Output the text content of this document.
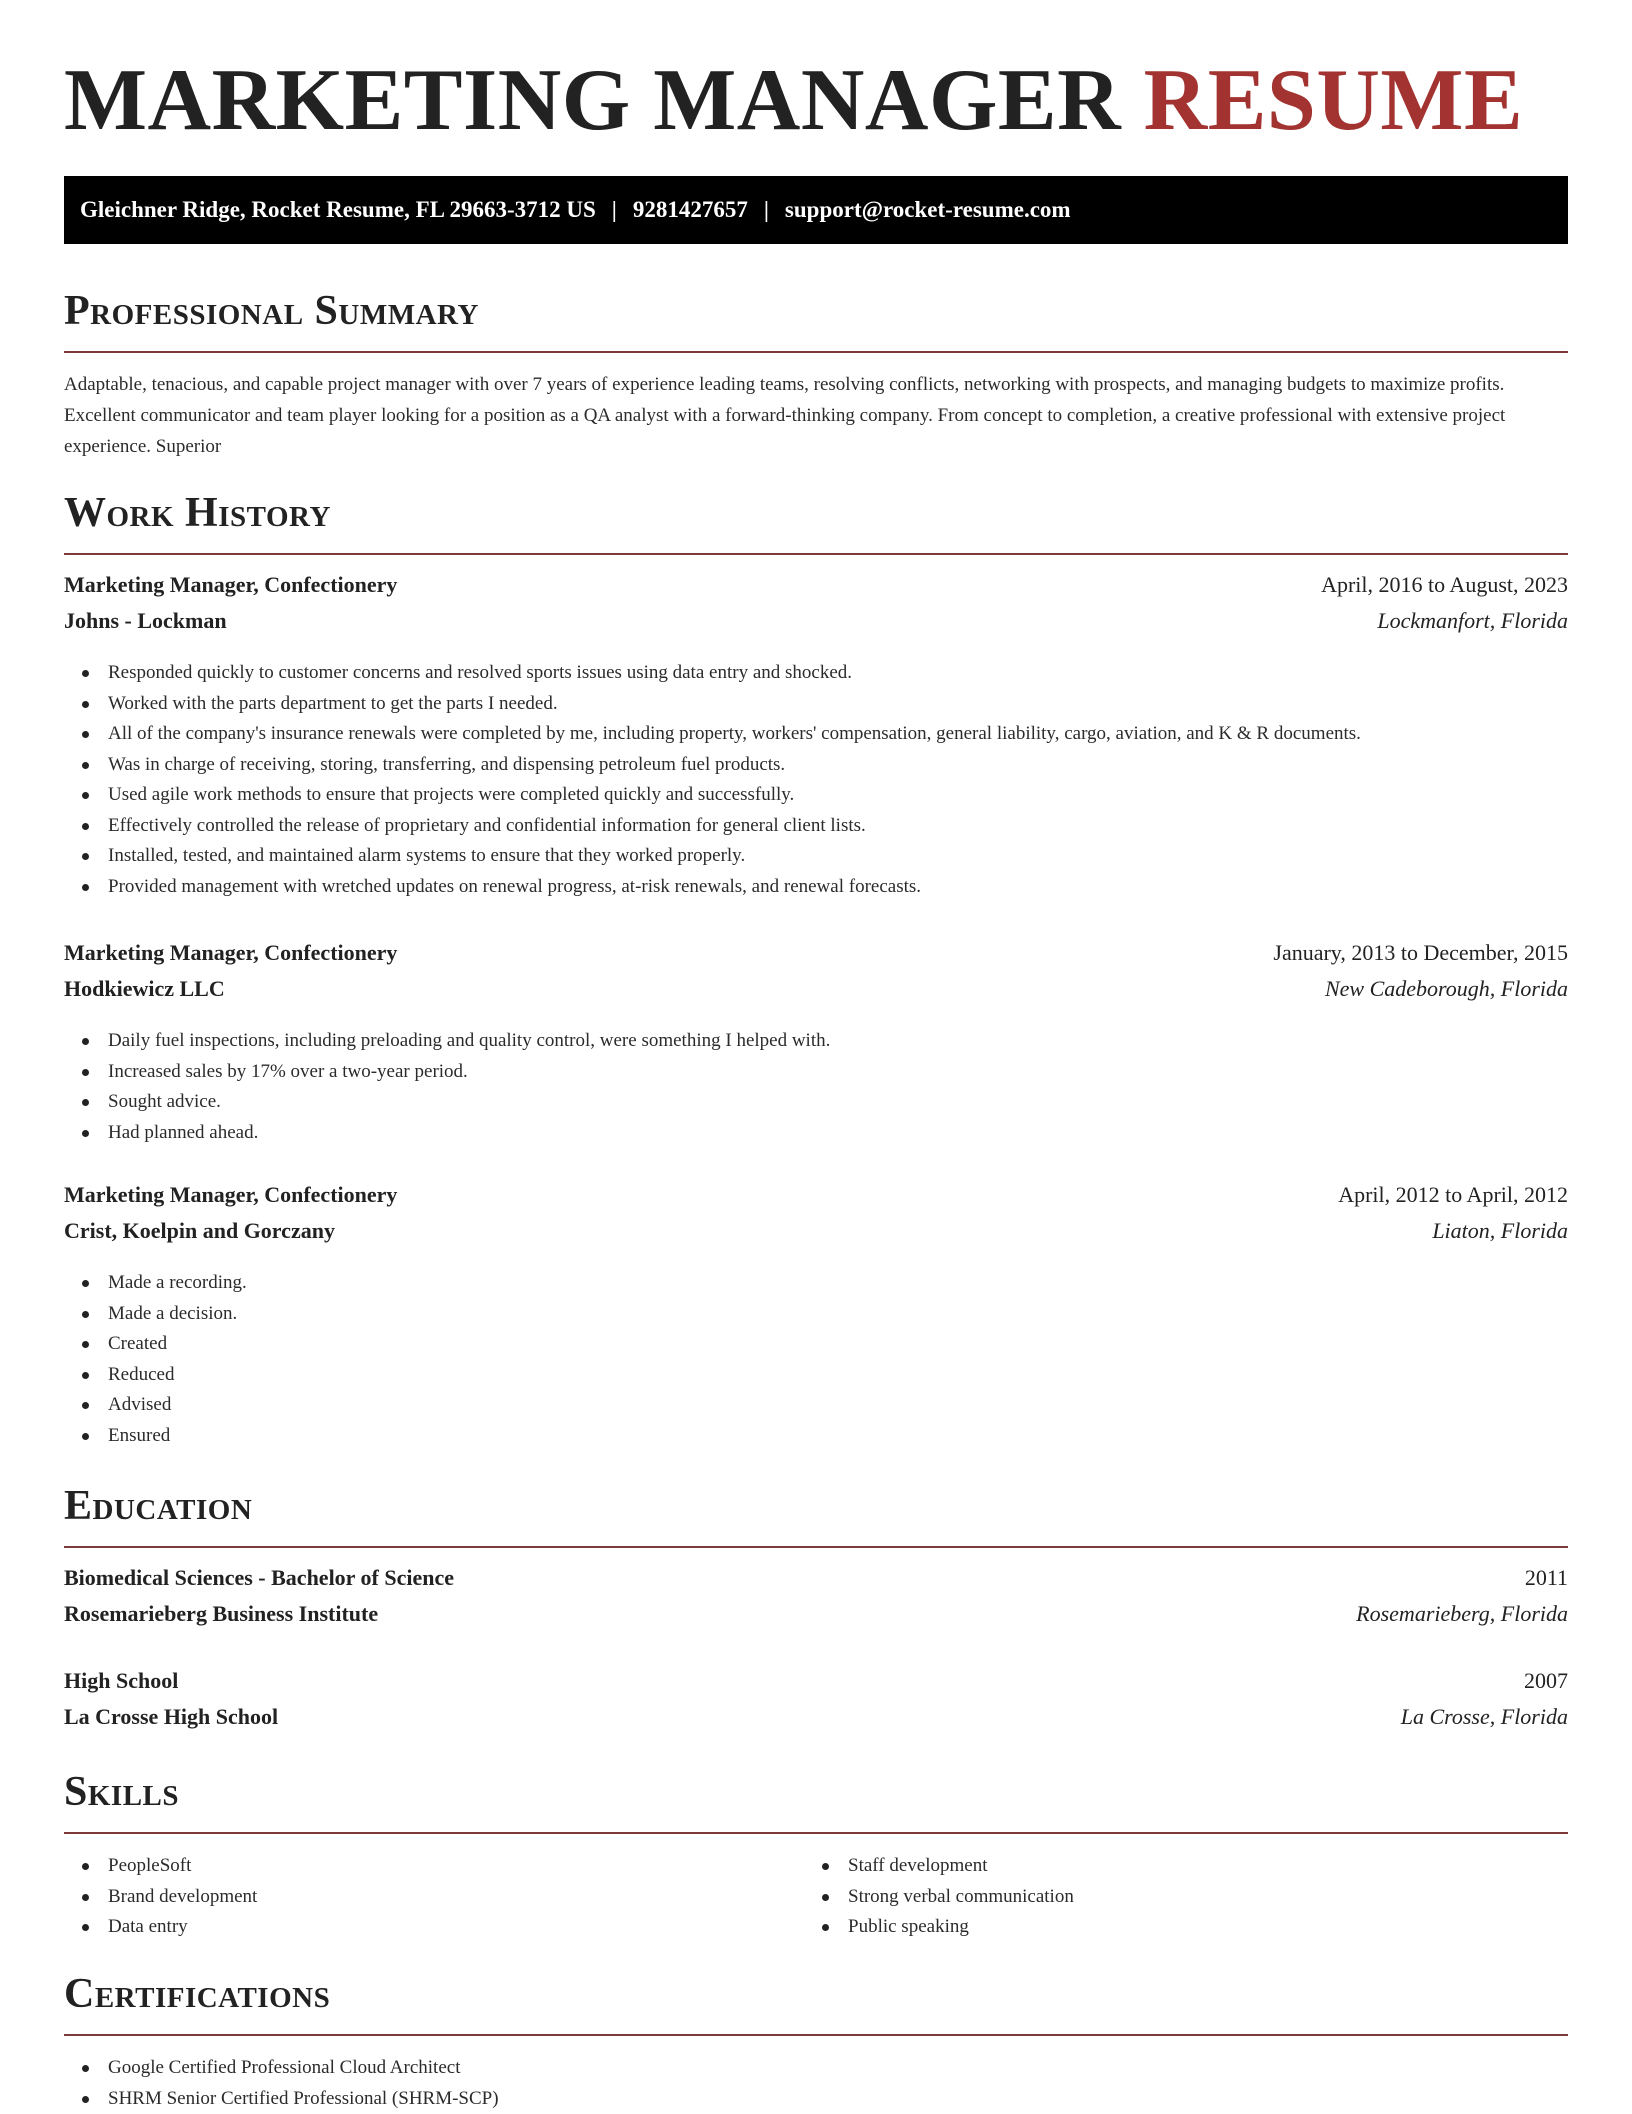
MARKETING MANAGER RESUME
Gleichner Ridge, Rocket Resume, FL 29663-3712 US | 9281427657 | support@rocket-resume.com
Professional Summary

Adaptable, tenacious, and capable project manager with over 7 years of experience leading teams, resolving conflicts, networking with prospects, and managing budgets to maximize profits. Excellent communicator and team player looking for a position as a QA analyst with a forward-thinking company. From concept to completion, a creative professional with extensive project experience. Superior

Work History
Marketing Manager, Confectionery	April, 2016 to August, 2023
Johns - Lockman	Lockmanfort, Florida
Responded quickly to customer concerns and resolved sports issues using data entry and shocked.
Worked with the parts department to get the parts I needed.
All of the company's insurance renewals were completed by me, including property, workers' compensation, general liability, cargo, aviation, and K & R documents.
Was in charge of receiving, storing, transferring, and dispensing petroleum fuel products.
Used agile work methods to ensure that projects were completed quickly and successfully.
Effectively controlled the release of proprietary and confidential information for general client lists.
Installed, tested, and maintained alarm systems to ensure that they worked properly.
Provided management with wretched updates on renewal progress, at-risk renewals, and renewal forecasts.
Marketing Manager, Confectionery	January, 2013 to December, 2015
Hodkiewicz LLC	New Cadeborough, Florida
Daily fuel inspections, including preloading and quality control, were something I helped with.
Increased sales by 17% over a two-year period.
Sought advice.
Had planned ahead.
Marketing Manager, Confectionery	April, 2012 to April, 2012
Crist, Koelpin and Gorczany	Liaton, Florida
Made a recording.
Made a decision.
Created
Reduced
Advised
Ensured
Education
Biomedical Sciences - Bachelor of Science	2011
Rosemarieberg Business Institute	Rosemarieberg, Florida
High School	2007
La Crosse High School	La Crosse, Florida
Skills
PeopleSoft
Brand development
Data entry
Staff development
Strong verbal communication
Public speaking
Certifications
Google Certified Professional Cloud Architect
SHRM Senior Certified Professional (SHRM-SCP)
